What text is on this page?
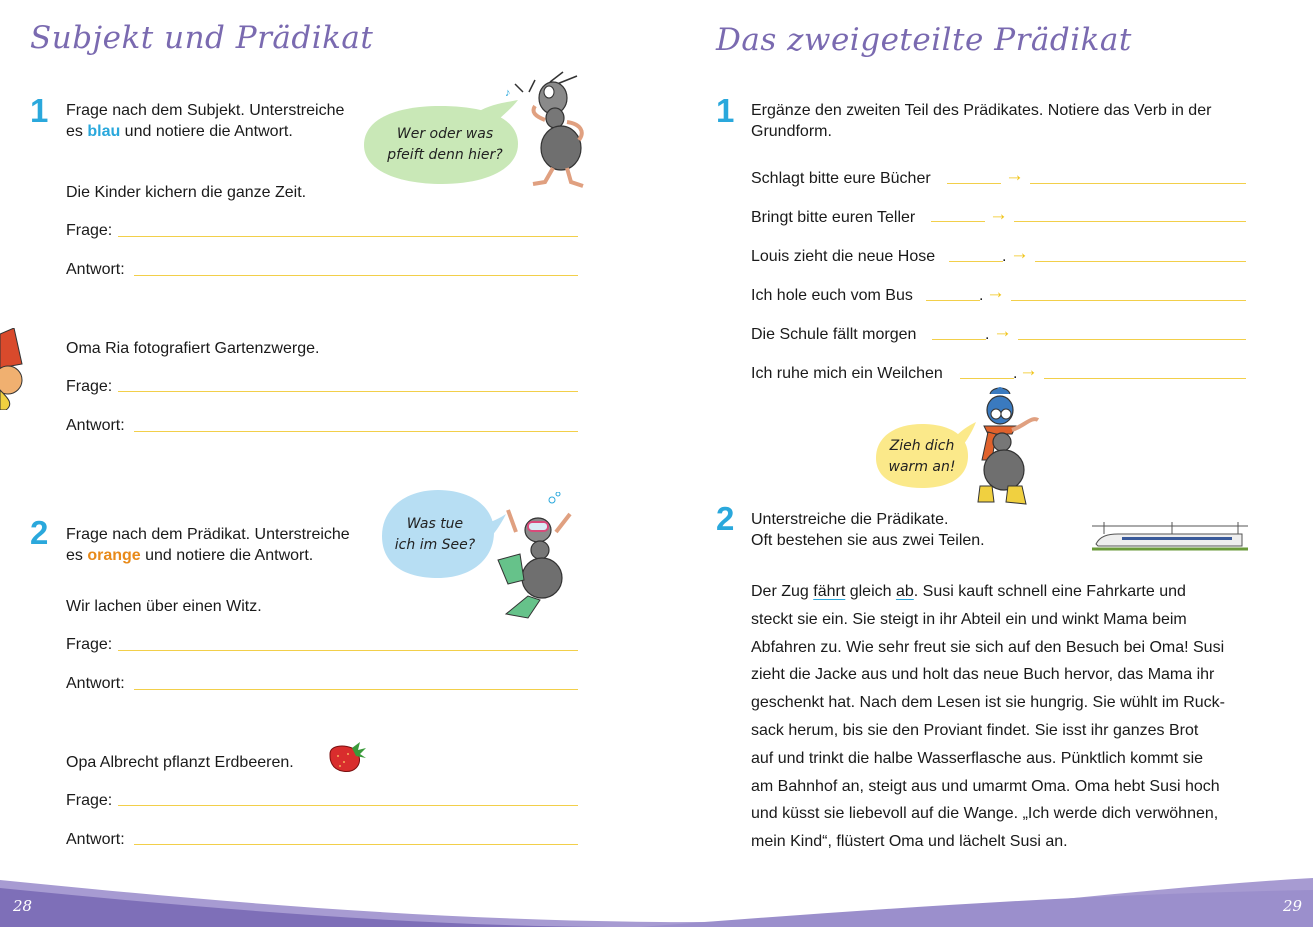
28	29
Subjekt und Prädikat
1 Frage nach dem Subjekt. Unterstreiche
es blau und notiere die Antwort.	Wer oder was
pfeift denn hier?
♪
Die Kinder kichern die ganze Zeit.
Frage:
Antwort:
Oma Ria fotografiert Gartenzwerge.
Frage:
Antwort:
2 Frage nach dem Prädikat. Unterstreiche
es orange und notiere die Antwort.
Was tue
ich im See?
Wir lachen über einen Witz.
Frage:
Antwort:
Opa Albrecht pflanzt Erdbeeren.
Frage:
Antwort:
Das zweigeteilte Prädikat
1 Ergänze den zweiten Teil des Prädikates. Notiere das Verb in der
Grundform.
Schlagt bitte eure Bücher	→
Bringt bitte euren Teller	→
Louis zieht die neue Hose	. →
Ich hole euch vom Bus	. →
Die Schule fällt morgen	. →
Ich ruhe mich ein Weilchen	. →
Zieh dich
warm an!
2 Unterstreiche die Prädikate.
Oft bestehen sie aus zwei Teilen.
Der Zug fährt gleich ab. Susi kauft schnell eine Fahrkarte und
steckt sie ein. Sie steigt in ihr Abteil ein und winkt Mama beim
Abfahren zu. Wie sehr freut sie sich auf den Besuch bei Oma! Susi
zieht die Jacke aus und holt das neue Buch hervor, das Mama ihr
geschenkt hat. Nach dem Lesen ist sie hungrig. Sie wühlt im Ruck-
sack herum, bis sie den Proviant findet. Sie isst ihr ganzes Brot
auf und trinkt die halbe Wasserflasche aus. Pünktlich kommt sie
am Bahnhof an, steigt aus und umarmt Oma. Oma hebt Susi hoch
und küsst sie liebevoll auf die Wange. „Ich werde dich verwöhnen,
mein Kind“, flüstert Oma und lächelt Susi an.
